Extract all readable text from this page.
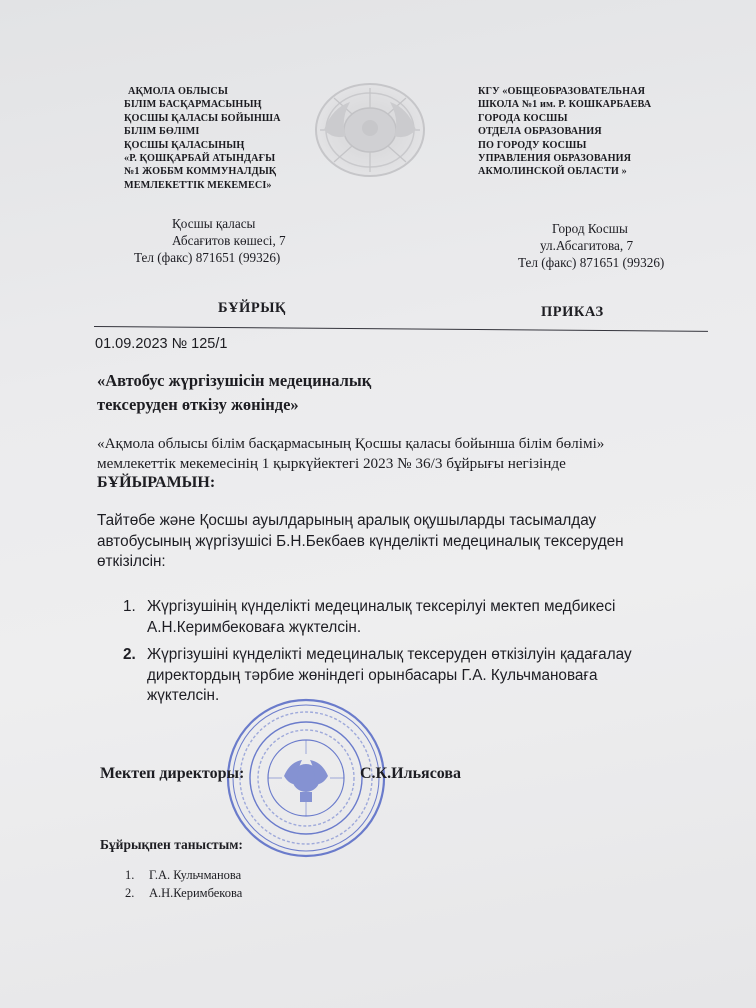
АҚМОЛА ОБЛЫСЫ
БІЛІМ БАСҚАРМАСЫНЫҢ
ҚОСШЫ ҚАЛАСЫ БОЙЫНША
БІЛІМ БӨЛІМІ
ҚОСШЫ ҚАЛАСЫНЫҢ
«Р. ҚОШҚАРБАЙ АТЫНДАҒЫ
№1 ЖОББМ КОММУНАЛДЫҚ
МЕМЛЕКЕТТІК МЕКЕМЕСІ»
КГУ «ОБЩЕОБРАЗОВАТЕЛЬНАЯ
ШКОЛА №1 им. Р. КОШКАРБАЕВА
ГОРОДА КОСШЫ
ОТДЕЛА ОБРАЗОВАНИЯ
ПО ГОРОДУ КОСШЫ
УПРАВЛЕНИЯ ОБРАЗОВАНИЯ
АКМОЛИНСКОЙ ОБЛАСТИ »
Қосшы қаласы
Абсағитов көшесі, 7
Тел (факс) 871651 (99326)
Город Косшы
ул.Абсагитова, 7
Тел (факс) 871651 (99326)
БҰЙРЫҚ	ПРИКАЗ
01.09.2023 № 125/1
«Автобус жүргізушісін медециналық
тексеруден өткізу жөнінде»
«Ақмола облысы білім басқармасының Қосшы қаласы бойынша білім бөлімі»
мемлекеттік мекемесінің 1 қыркүйектегі 2023 № 36/3 бұйрығы негізінде
БҰЙЫРАМЫН:
Тайтөбе және Қосшы ауылдарының аралық оқушыларды тасымалдау
автобусының жүргізушісі Б.Н.Бекбаев күнделікті медециналық тексеруден
өткізілсін:
1. Жүргізушінің күнделікті медециналық тексерілуі мектеп медбикесі
А.Н.Керимбековаға жүктелсін.
2. Жүргізушіні күнделікті медециналық тексеруден өткізілуін қадағалау
директордың тәрбие жөніндегі орынбасары Г.А. Кульчмановаға
жүктелсін.
Мектеп директоры:	С.К.Ильясова
Бұйрықпен таныстым:
1. Г.А. Кульчманова
2. А.Н.Керимбекова
